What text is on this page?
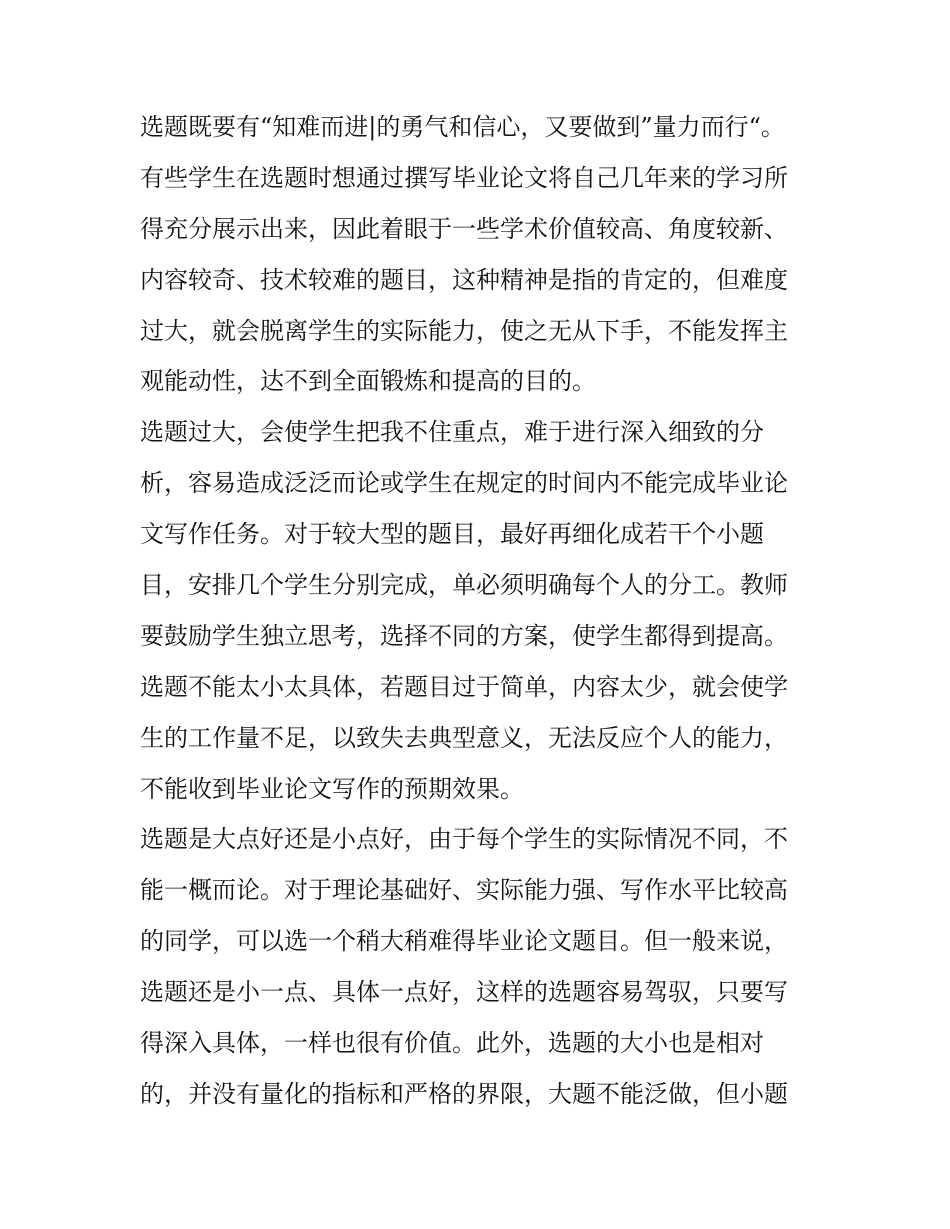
选题既要有“知难而进|的勇气和信心，又要做到”量力而行“。
有些学生在选题时想通过撰写毕业论文将自己几年来的学习所
得充分展示出来，因此着眼于一些学术价值较高、角度较新、
内容较奇、技术较难的题目，这种精神是指的肯定的，但难度
过大，就会脱离学生的实际能力，使之无从下手，不能发挥主
观能动性，达不到全面锻炼和提高的目的。
选题过大，会使学生把我不住重点，难于进行深入细致的分
析，容易造成泛泛而论或学生在规定的时间内不能完成毕业论
文写作任务。对于较大型的题目，最好再细化成若干个小题
目，安排几个学生分别完成，单必须明确每个人的分工。教师
要鼓励学生独立思考，选择不同的方案，使学生都得到提高。
选题不能太小太具体，若题目过于简单，内容太少，就会使学
生的工作量不足，以致失去典型意义，无法反应个人的能力，
不能收到毕业论文写作的预期效果。
选题是大点好还是小点好，由于每个学生的实际情况不同，不
能一概而论。对于理论基础好、实际能力强、写作水平比较高
的同学，可以选一个稍大稍难得毕业论文题目。但一般来说，
选题还是小一点、具体一点好，这样的选题容易驾驭，只要写
得深入具体，一样也很有价值。此外，选题的大小也是相对
的，并没有量化的指标和严格的界限，大题不能泛做，但小题
